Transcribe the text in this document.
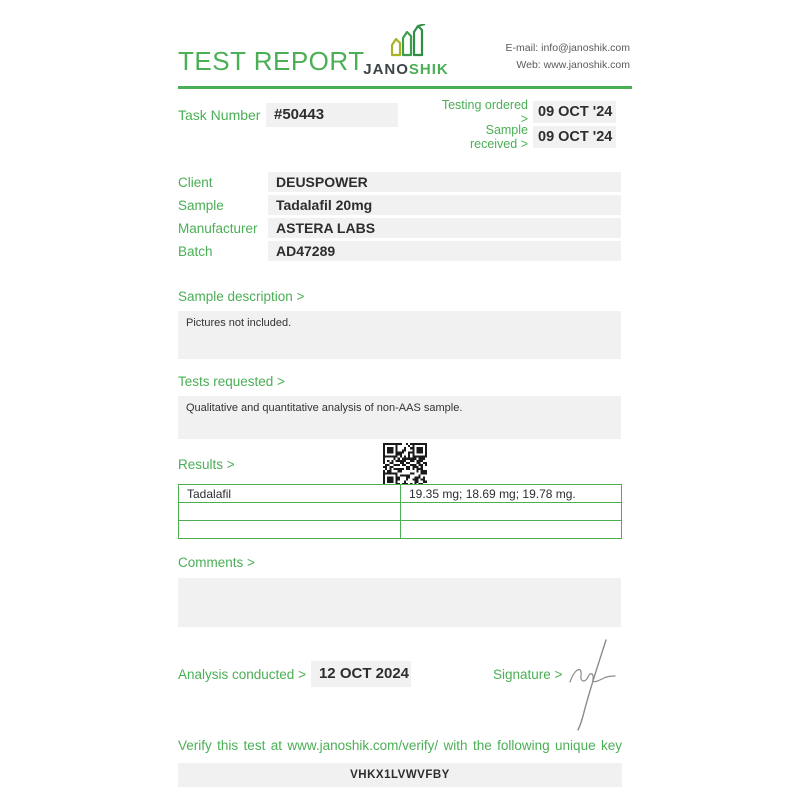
TEST REPORT
JANOSHIK
E-mail: info@janoshik.com
Web: www.janoshik.com
Task Number #50443
Testing ordered > 09 OCT '24
Sample received > 09 OCT '24
Client	DEUSPOWER
Sample	Tadalafil 20mg
Manufacturer	ASTERA LABS
Batch	AD47289
Sample description >
Pictures not included.
Tests requested >
Qualitative and quantitative analysis of non-AAS sample.
Results >
Tadalafil	19.35 mg; 18.69 mg; 19.78 mg.

Comments >
Analysis conducted > 12 OCT 2024	Signature >
Verify this test at www.janoshik.com/verify/ with the following unique key
VHKX1LVWVFBY
